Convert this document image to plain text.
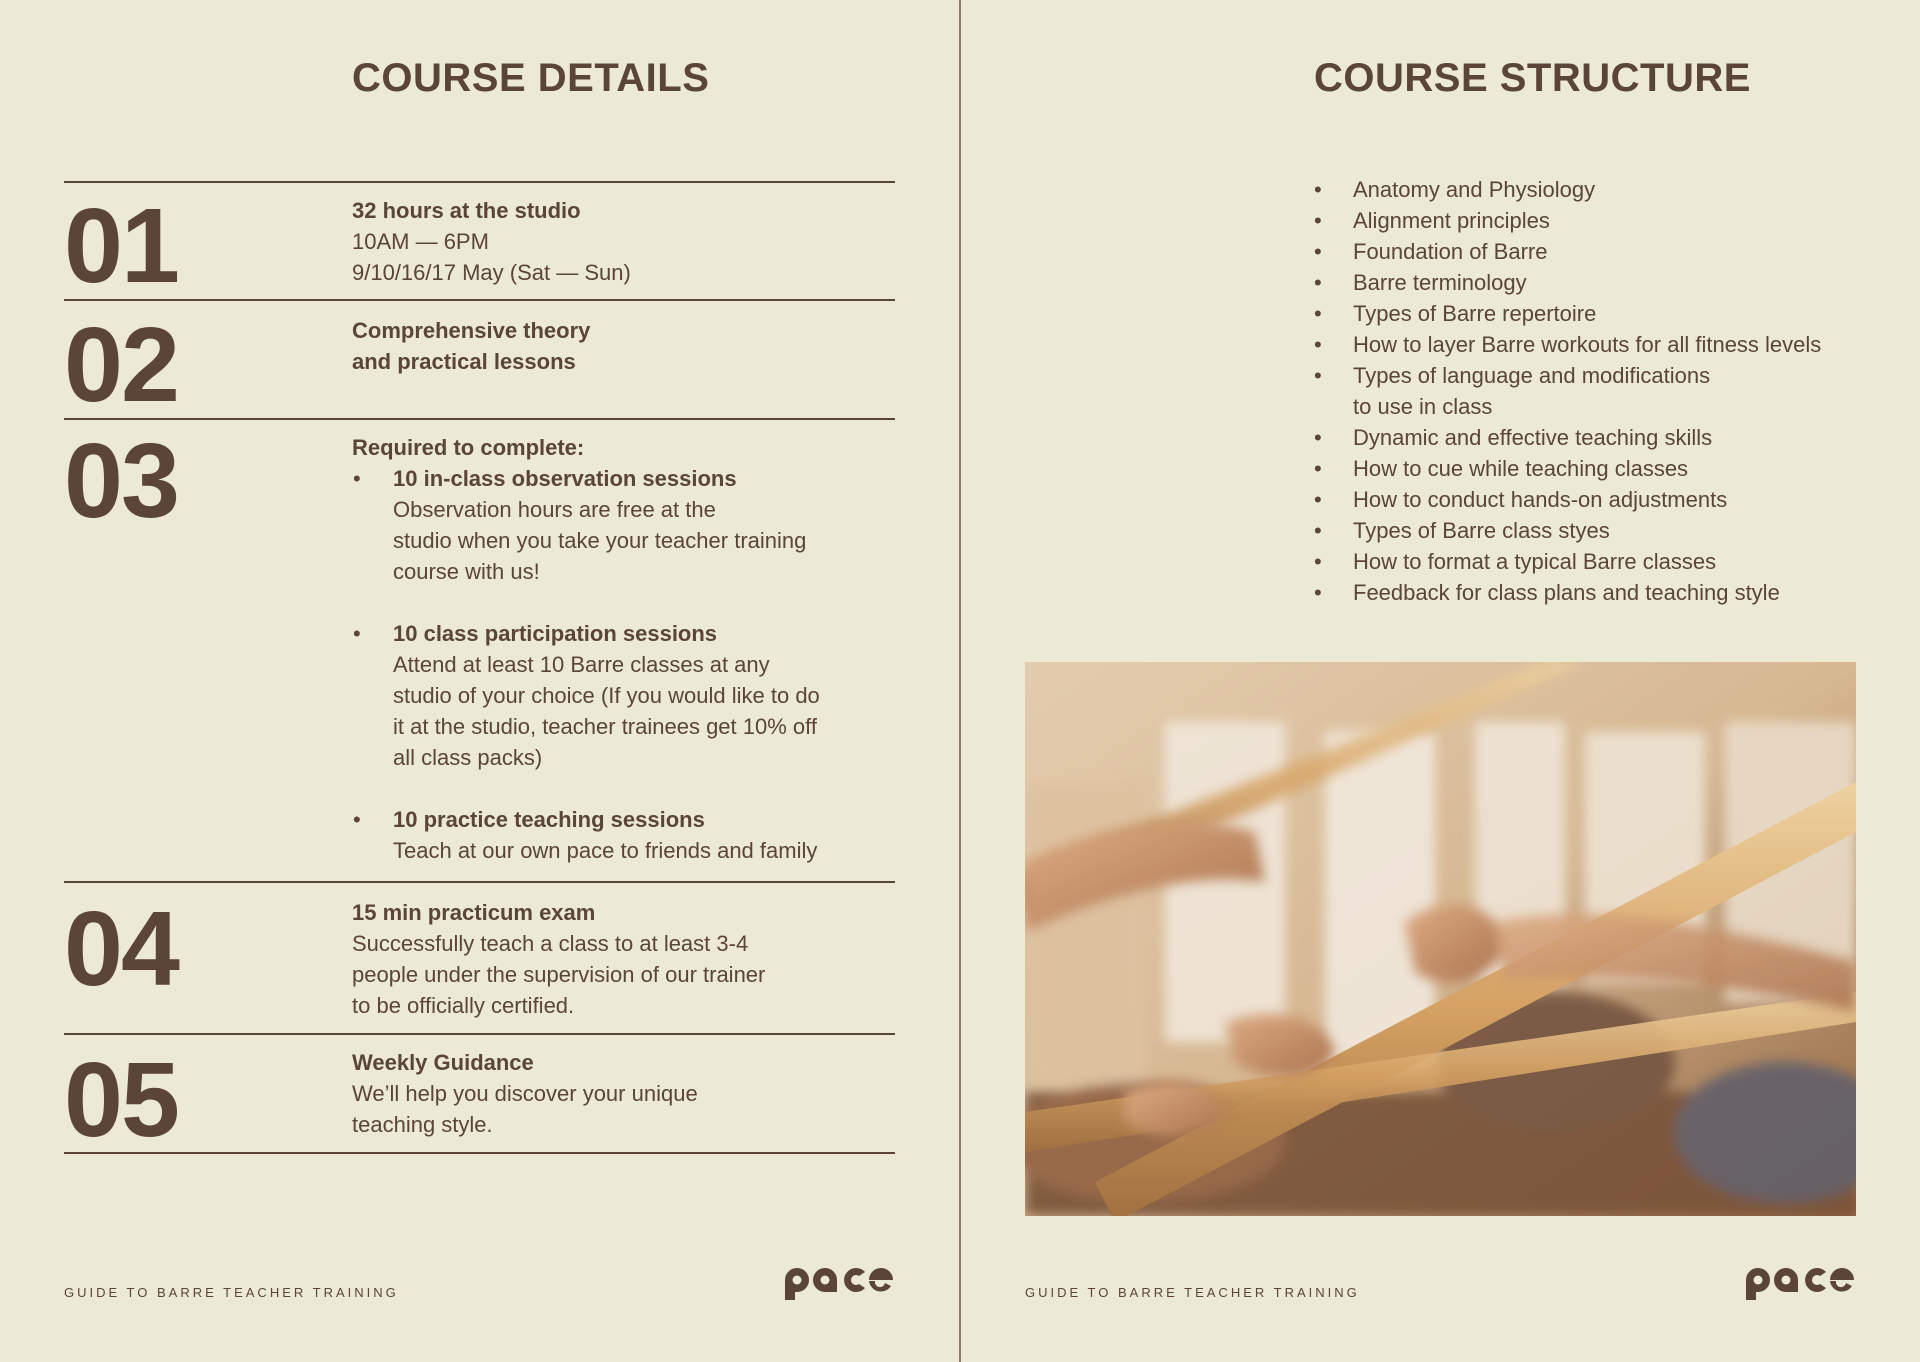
COURSE DETAILS
01	32 hours at the studio
10AM — 6PM
9/10/16/17 May (Sat — Sun)
02	Comprehensive theory
and practical lessons
03	Required to complete:
• 10 in-class observation sessions
Observation hours are free at the
studio when you take your teacher training
course with us!
• 10 class participation sessions
Attend at least 10 Barre classes at any
studio of your choice (If you would like to do
it at the studio, teacher trainees get 10% off
all class packs)
• 10 practice teaching sessions
Teach at our own pace to friends and family
04	15 min practicum exam
Successfully teach a class to at least 3-4
people under the supervision of our trainer
to be officially certified.
05	Weekly Guidance
We’ll help you discover your unique
teaching style.
GUIDE TO BARRE TEACHER TRAINING
COURSE STRUCTURE
• Anatomy and Physiology
• Alignment principles
• Foundation of Barre
• Barre terminology
• Types of Barre repertoire
• How to layer Barre workouts for all fitness levels
• Types of language and modifications
to use in class
• Dynamic and effective teaching skills
• How to cue while teaching classes
• How to conduct hands-on adjustments
• Types of Barre class styes
• How to format a typical Barre classes
• Feedback for class plans and teaching style
GUIDE TO BARRE TEACHER TRAINING
